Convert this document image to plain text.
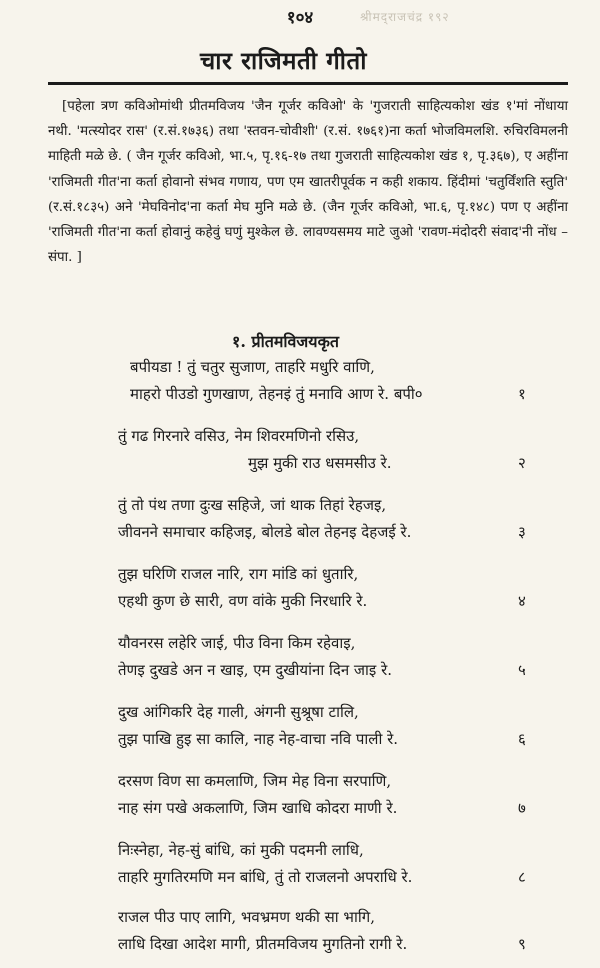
श्रीमद्‌राजचंद्र १९२
१०४
चार राजिमती गीतो
[पहेला त्रण कविओमांथी प्रीतमविजय 'जैन गूर्जर कविओ' के 'गुजराती साहित्यकोश खंड १'मां नोंधाया नथी. 'मत्स्योदर रास' (र.सं.१७३६) तथा 'स्तवन-चोवीशी' (र.सं. १७६१)ना कर्ता भोजविमलशि. रुचिरविमलनी माहिती मळे छे. ( जैन गूर्जर कविओ, भा.५, पृ.१६-१७ तथा गुजराती साहित्यकोश खंड १, पृ.३६७), ए अहींना 'राजिमती गीत'ना कर्ता होवानो संभव गणाय, पण एम खातरीपूर्वक न कही शकाय. हिंदीमां 'चतुर्विंशति स्तुति' (र.सं.१८३५) अने 'मेघविनोद'ना कर्ता मेघ मुनि मळे छे. (जैन गूर्जर कविओ, भा.६, पृ.१४८) पण ए अहींना 'राजिमती गीत'ना कर्ता होवानुं कहेवुं घणुं मुश्केल छे. लावण्यसमय माटे जुओ 'रावण-मंदोदरी संवाद'नी नोंध – संपा. ]
१. प्रीतमविजयकृत
बपीयडा ! तुं चतुर सुजाण, ताहरि मधुरि वाणि,
माहरो पीउडो गुणखाण, तेहनइं तुं मनावि आण रे. बपी०	१
तुं गढ गिरनारे वसिउ, नेम शिवरमणिनो रसिउ,
मुझ मुकी राउ धसमसीउ रे.	२
तुं तो पंथ तणा दुःख सहिजे, जां थाक तिहां रेहजइ,
जीवनने समाचार कहिजइ, बोलडे बोल तेहनइ देहजई रे.	३
तुझ घरिणि राजल नारि, राग मांडि कां धुतारि,
एहथी कुण छे सारी, वण वांके मुकी निरधारि रे.	४
यौवनरस लहेरि जाई, पीउ विना किम रहेवाइ,
तेणइ दुखडे अन न खाइ, एम दुखीयांना दिन जाइ रे.	५
दुख आंगिकरि देह गाली, अंगनी सुश्रूषा टालि,
तुझ पाखि हुइ सा कालि, नाह नेह-वाचा नवि पाली रे.	६
दरसण विण सा कमलाणि, जिम मेह विना सरपाणि,
नाह संग पखे अकलाणि, जिम खाधि कोदरा माणी रे.	७
निःस्नेहा, नेह-सुं बांधि, कां मुकी पदमनी लाधि,
ताहरि मुगतिरमणि मन बांधि, तुं तो राजलनो अपराधि रे.	८
राजल पीउ पाए लागि, भवभ्रमण थकी सा भागि,
लाधि दिखा आदेश मागी, प्रीतमविजय मुगतिनो रागी रे.	९
